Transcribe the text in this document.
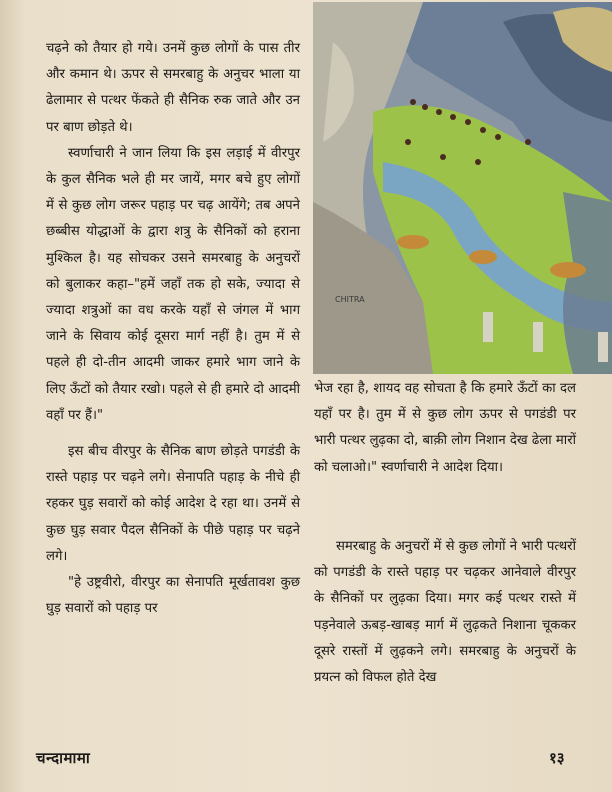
चढ़ने को तैयार हो गये। उनमें कुछ लोगों के पास तीर और कमान थे। ऊपर से समरबाहु के अनुचर भाला या ढेलामार से पत्थर फेंकते ही सैनिक रुक जाते और उन पर बाण छोड़ते थे।

स्वर्णाचारी ने जान लिया कि इस लड़ाई में वीरपुर के कुल सैनिक भले ही मर जायें, मगर बचे हुए लोगों में से कुछ लोग जरूर पहाड़ पर चढ़ आयेंगे; तब अपने छब्बीस योद्धाओं के द्वारा शत्रु के सैनिकों को हराना मुश्किल है। यह सोचकर उसने समरबाहु के अनुचरों को बुलाकर कहा–"हमें जहाँ तक हो सके, ज्यादा से ज्यादा शत्रुओं का वध करके यहाँ से जंगल में भाग जाने के सिवाय कोई दूसरा मार्ग नहीं है। तुम में से पहले ही दो-तीन आदमी जाकर हमारे भाग जाने के लिए ऊँटों को तैयार रखो। पहले से ही हमारे दो आदमी वहाँ पर हैं।"

इस बीच वीरपुर के सैनिक बाण छोड़ते पगडंडी के रास्ते पहाड़ पर चढ़ने लगे। सेनापति पहाड़ के नीचे ही रहकर घुड़ सवारों को कोई आदेश दे रहा था। उनमें से कुछ घुड़ सवार पैदल सैनिकों के पीछे पहाड़ पर चढ़ने लगे।

"हे उष्ट्रवीरो, वीरपुर का सेनापति मूर्खतावश कुछ घुड़ सवारों को पहाड़ पर

CHITRA

भेज रहा है, शायद वह सोचता है कि हमारे ऊँटों का दल यहाँ पर है। तुम में से कुछ लोग ऊपर से पगडंडी पर भारी पत्थर लुढ़का दो, बाक़ी लोग निशान देख ढेला मारों को चलाओ।" स्वर्णाचारी ने आदेश दिया।

समरबाहु के अनुचरों में से कुछ लोगों ने भारी पत्थरों को पगडंडी के रास्ते पहाड़ पर चढ़कर आनेवाले वीरपुर के सैनिकों पर लुढ़का दिया। मगर कई पत्थर रास्ते में पड़नेवाले ऊबड़-खाबड़ मार्ग में लुढ़कते निशाना चूककर दूसरे रास्तों में लुढ़कने लगे। समरबाहु के अनुचरों के प्रयत्न को विफल होते देख

चन्दामामा	१३
